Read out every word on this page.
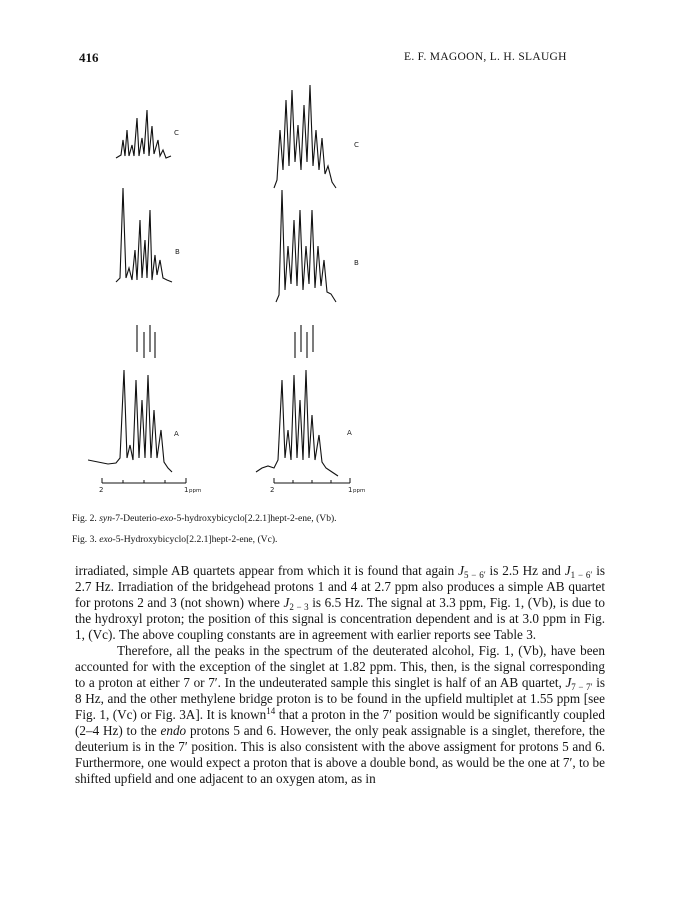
416	E. F. MAGOON, L. H. SLAUGH
C
B
A
2	1 ppm
C
B
A
2	1 ppm
Fig. 2. syn-7-Deuterio-exo-5-hydroxybicyclo[2.2.1]hept-2-ene, (Vb).
Fig. 3. exo-5-Hydroxybicyclo[2.2.1]hept-2-ene, (Vc).

irradiated, simple AB quartets appear from which it is found that again $J_{5 - 6'}$ is 2.5 Hz and $J_{1 - 6'}$ is 2.7 Hz. Irradiation of the bridgehead protons 1 and 4 at 2.7 ppm also produces a simple AB quartet for protons 2 and 3 (not shown) where $J_{2 - 3}$ is 6.5 Hz. The signal at 3.3 ppm, Fig. 1, (Vb), is due to the hydroxyl proton; the position of this signal is concentration dependent and is at 3.0 ppm in Fig. 1, (Vc). The above coupling constants are in agreement with earlier reports see Table 3.

Therefore, all the peaks in the spectrum of the deuterated alcohol, Fig. 1, (Vb), have been accounted for with the exception of the singlet at 1.82 ppm. This, then, is the signal corresponding to a proton at either 7 or 7′. In the undeuterated sample this singlet is half of an AB quartet, $J_{7 - 7'}$ is 8 Hz, and the other methylene bridge proton is to be found in the upfield multiplet at 1.55 ppm [see Fig. 1, (Vc) or Fig. 3A]. It is known$^{14}$ that a proton in the 7′ position would be significantly coupled (2–4 Hz) to the endo protons 5 and 6. However, the only peak assignable is a singlet, therefore, the deuterium is in the 7′ position. This is also consistent with the above assigment for protons 5 and 6. Furthermore, one would expect a proton that is above a double bond, as would be the one at 7′, to be shifted upfield and one adjacent to an oxygen atom, as in
